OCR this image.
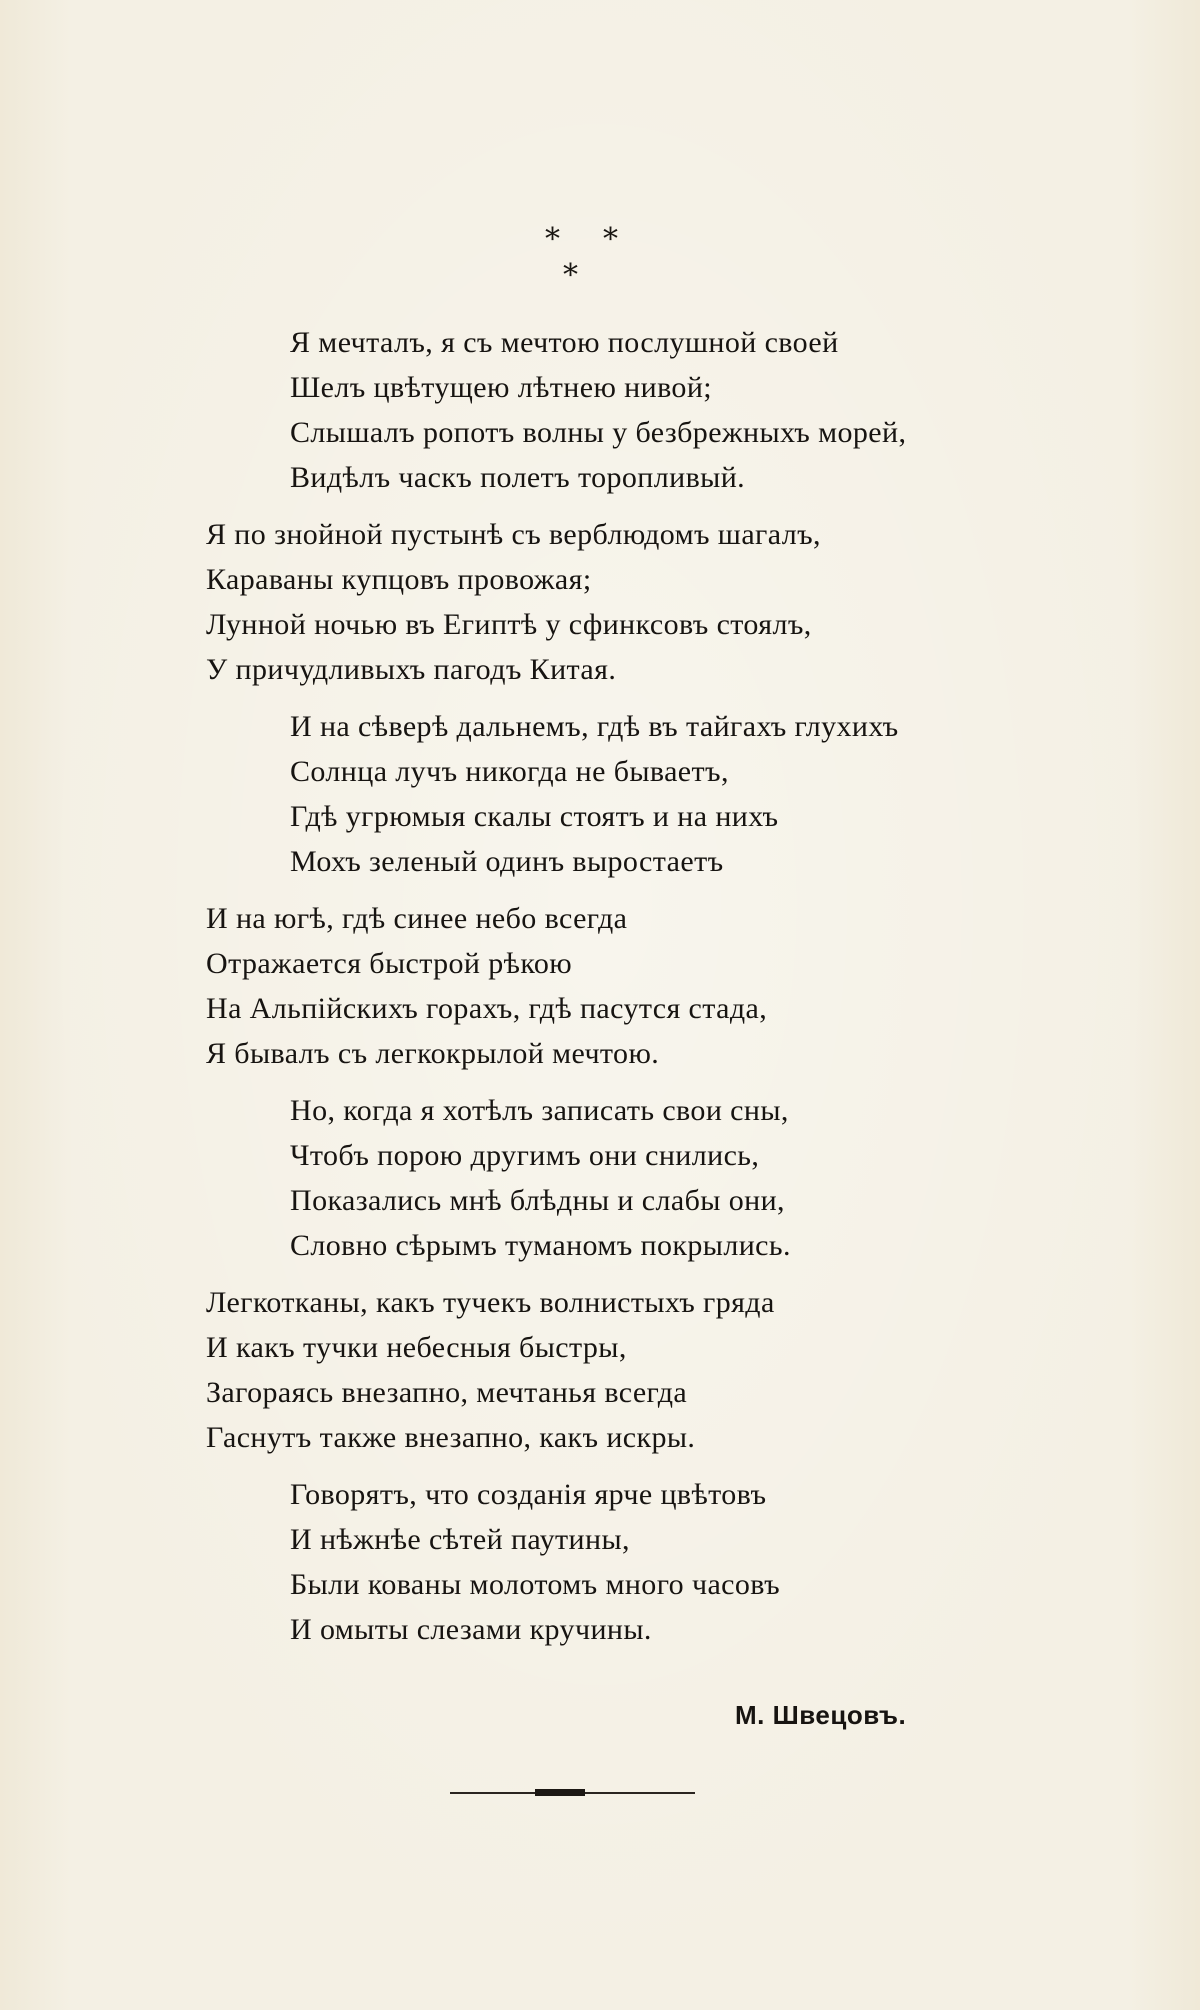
* *
*
Я мечталъ, я съ мечтою послушной своей
Шелъ цвѣтущею лѣтнею нивой;
Слышалъ ропотъ волны у безбрежныхъ морей,
Видѣлъ часкъ полетъ торопливый.
Я по знойной пустынѣ съ верблюдомъ шагалъ,
Караваны купцовъ провожая;
Лунной ночью въ Египтѣ у сфинксовъ стоялъ,
У причудливыхъ пагодъ Китая.
И на сѣверѣ дальнемъ, гдѣ въ тайгахъ глухихъ
Солнца лучъ никогда не бываетъ,
Гдѣ угрюмыя скалы стоятъ и на нихъ
Мохъ зеленый одинъ выростаетъ
И на югѣ, гдѣ синее небо всегда
Отражается быстрой рѣкою
На Альпійскихъ горахъ, гдѣ пасутся стада,
Я бывалъ съ легкокрылой мечтою.
Но, когда я хотѣлъ записать свои сны,
Чтобъ порою другимъ они снились,
Показались мнѣ блѣдны и слабы они,
Словно сѣрымъ туманомъ покрылись.
Легкотканы, какъ тучекъ волнистыхъ гряда
И какъ тучки небесныя быстры,
Загораясь внезапно, мечтанья всегда
Гаснутъ также внезапно, какъ искры.
Говорятъ, что созданія ярче цвѣтовъ
И нѣжнѣе сѣтей паутины,
Были кованы молотомъ много часовъ
И омыты слезами кручины.
М. Швецовъ.
